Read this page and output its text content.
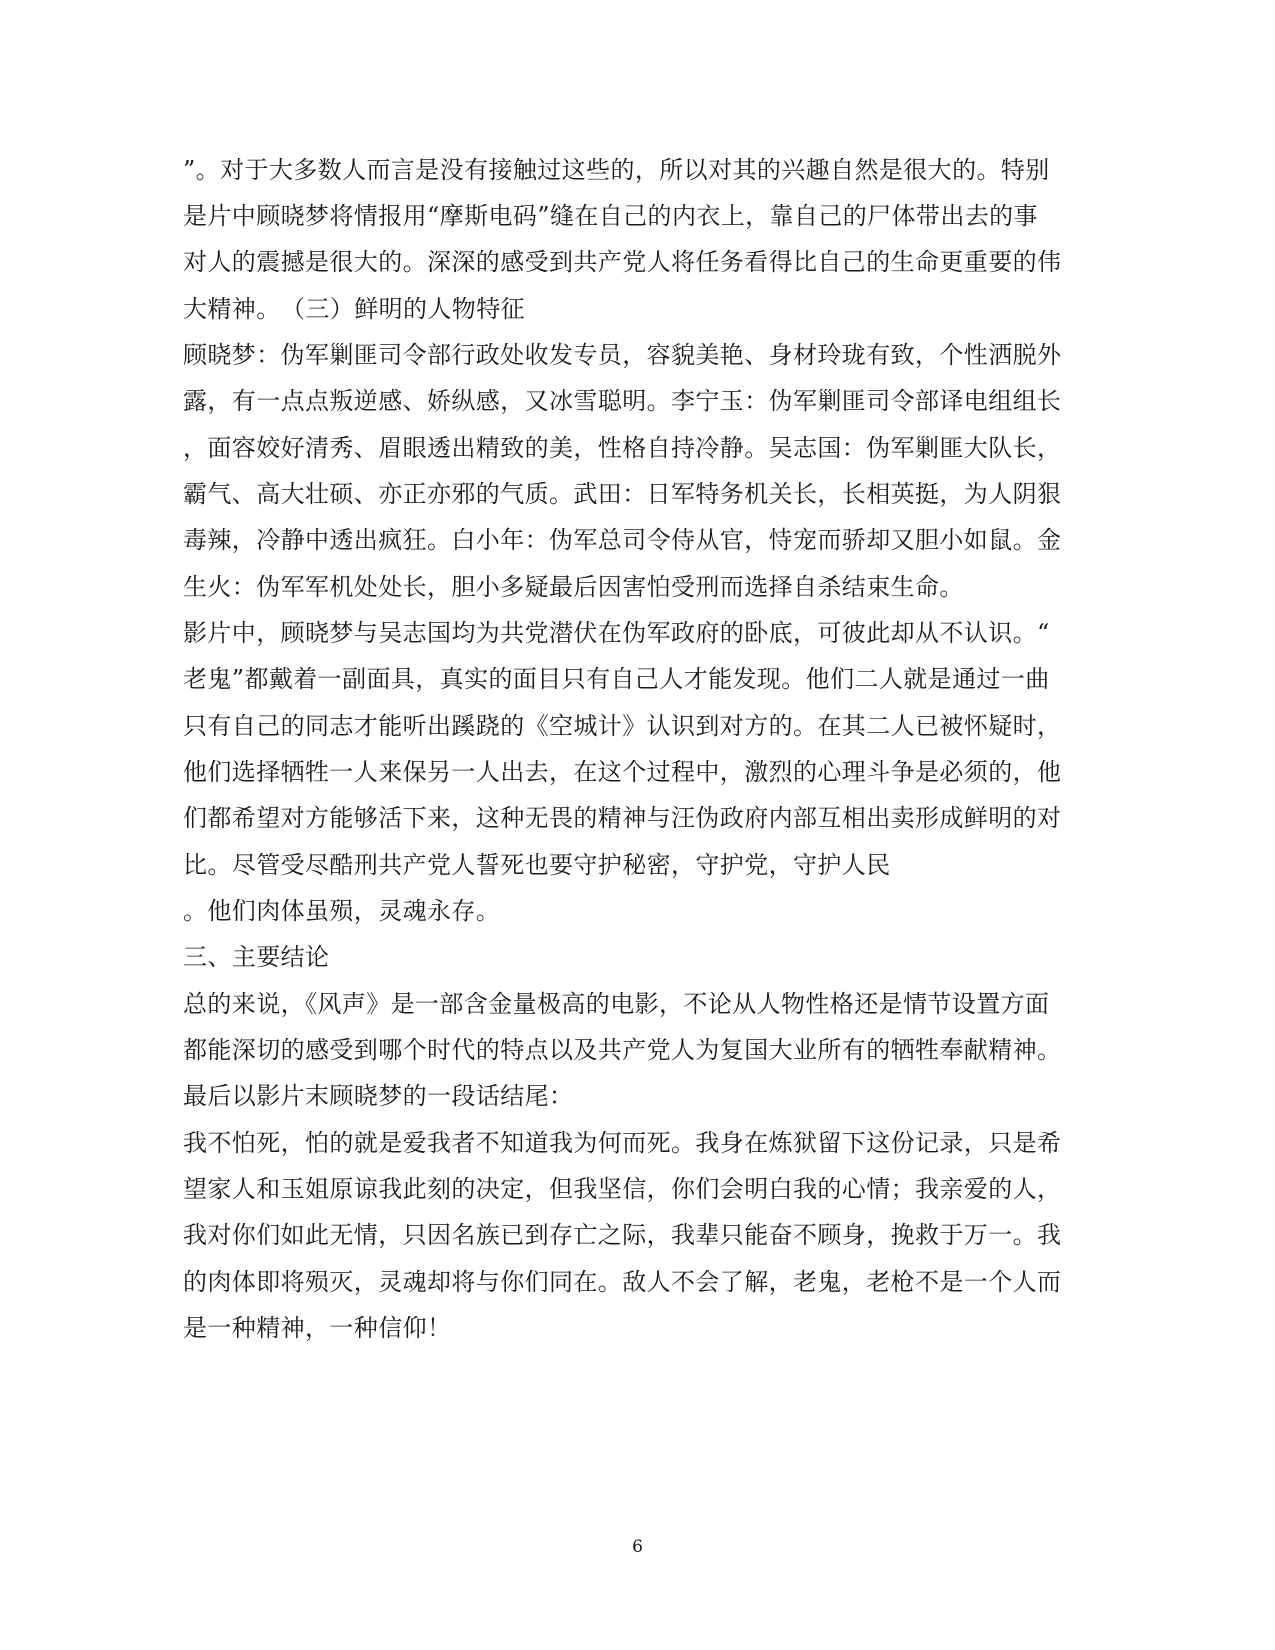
”。对于大多数人而言是没有接触过这些的，所以对其的兴趣自然是很大的。特别
是片中顾晓梦将情报用“摩斯电码”缝在自己的内衣上，靠自己的尸体带出去的事
对人的震撼是很大的。深深的感受到共产党人将任务看得比自己的生命更重要的伟
大精神。　（三）鲜明的人物特征
顾晓梦：伪军剿匪司令部行政处收发专员，容貌美艳、身材玲珑有致，个性洒脱外
露，有一点点叛逆感、娇纵感，又冰雪聪明。李宁玉：伪军剿匪司令部译电组组长
，面容姣好清秀、眉眼透出精致的美，性格自持冷静。吴志国：伪军剿匪大队长，
霸气、高大壮硕、亦正亦邪的气质。武田：日军特务机关长，长相英挺，为人阴狠
毒辣，冷静中透出疯狂。白小年：伪军总司令侍从官，恃宠而骄却又胆小如鼠。金
生火：伪军军机处处长，胆小多疑最后因害怕受刑而选择自杀结束生命。
影片中，顾晓梦与吴志国均为共党潜伏在伪军政府的卧底，可彼此却从不认识。“
老鬼”都戴着一副面具，真实的面目只有自己人才能发现。他们二人就是通过一曲
只有自己的同志才能听出蹊跷的《空城计》认识到对方的。在其二人已被怀疑时，
他们选择牺牲一人来保另一人出去，在这个过程中，激烈的心理斗争是必须的，他
们都希望对方能够活下来，这种无畏的精神与汪伪政府内部互相出卖形成鲜明的对
比。尽管受尽酷刑共产党人誓死也要守护秘密，守护党，守护人民
。他们肉体虽殒，灵魂永存。
三、主要结论
总的来说，《风声》是一部含金量极高的电影，不论从人物性格还是情节设置方面
都能深切的感受到哪个时代的特点以及共产党人为复国大业所有的牺牲奉献精神。
最后以影片末顾晓梦的一段话结尾：
我不怕死，怕的就是爱我者不知道我为何而死。我身在炼狱留下这份记录，只是希
望家人和玉姐原谅我此刻的决定，但我坚信，你们会明白我的心情；我亲爱的人，
我对你们如此无情，只因名族已到存亡之际，我辈只能奋不顾身，挽救于万一。我
的肉体即将殒灭，灵魂却将与你们同在。敌人不会了解，老鬼，老枪不是一个人而
是一种精神，一种信仰！
6
